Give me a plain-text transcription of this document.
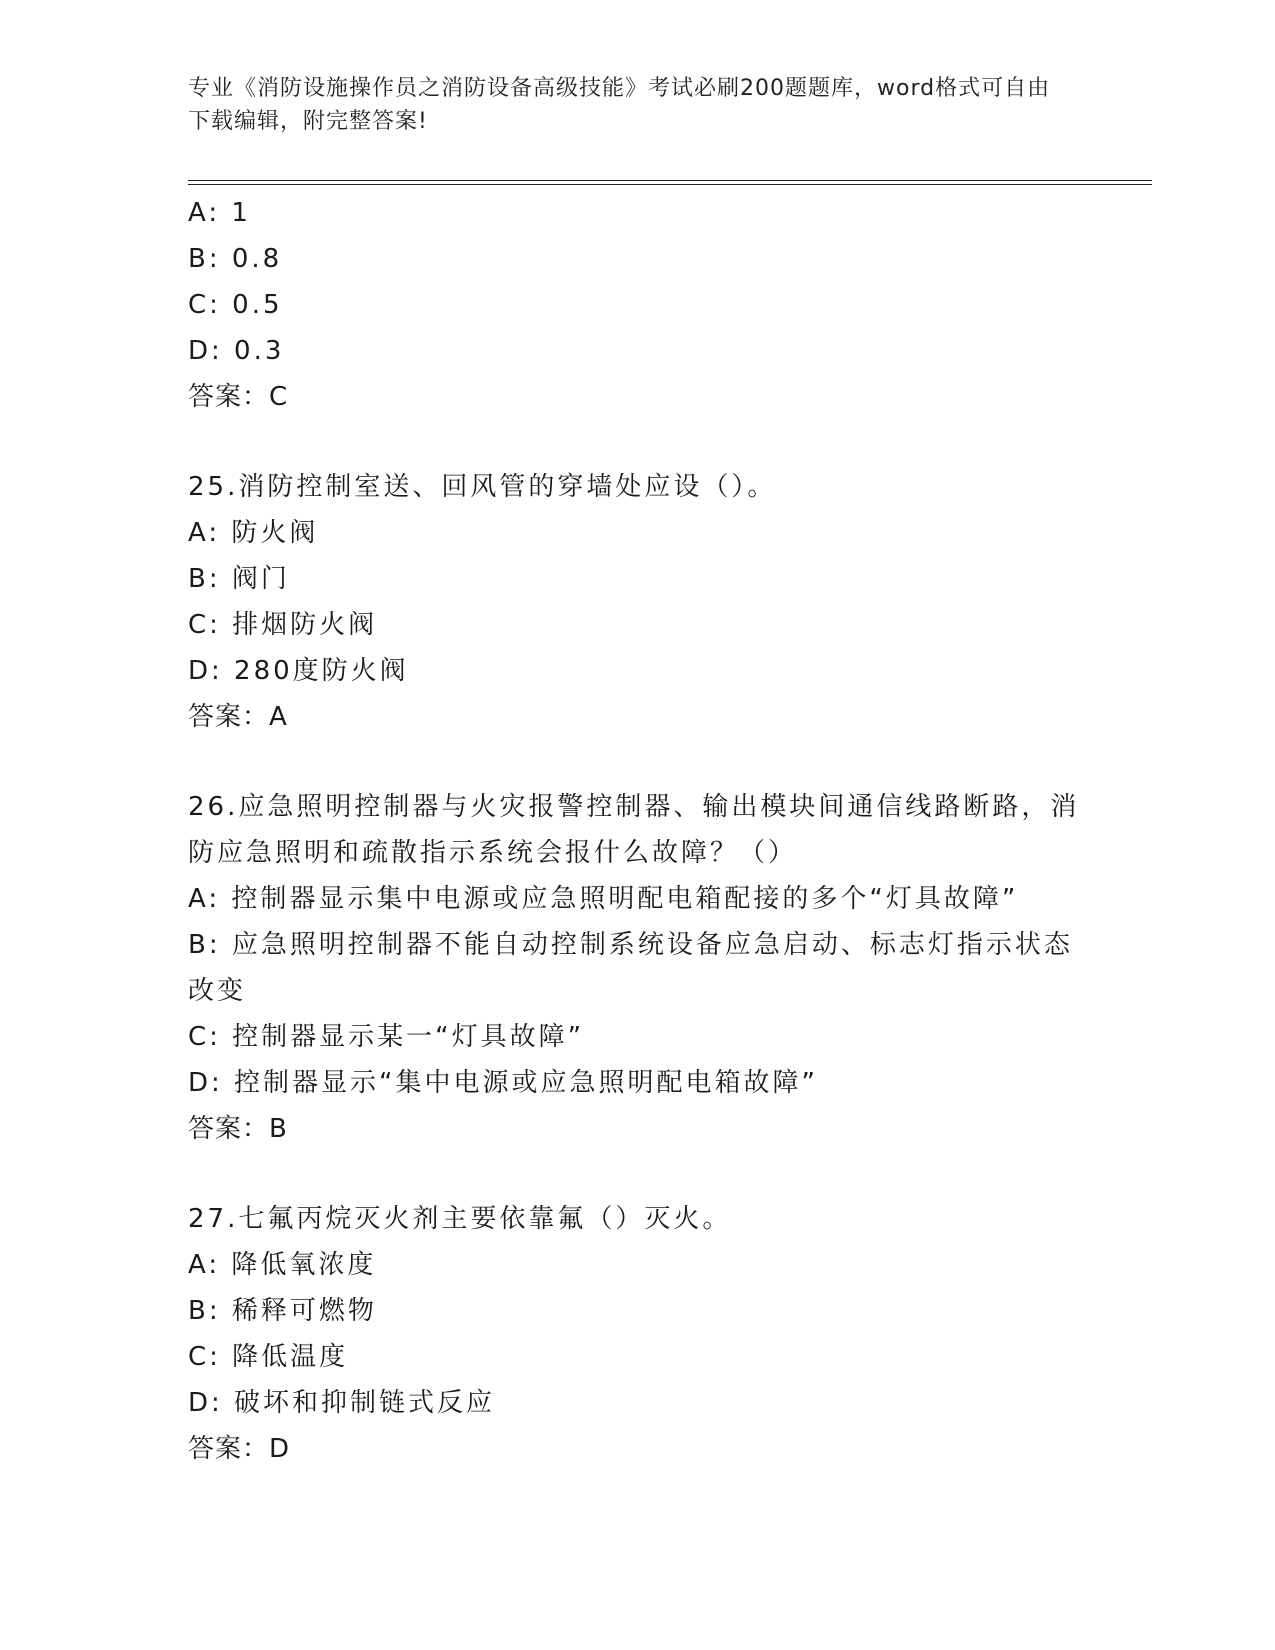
专业《消防设施操作员之消防设备高级技能》考试必刷200题题库，word格式可自由下载编辑，附完整答案!
A: 1
B: 0.8
C: 0.5
D: 0.3
答案：C
25.消防控制室送、回风管的穿墙处应设（）。
A: 防火阀
B: 阀门
C: 排烟防火阀
D: 280度防火阀
答案：A
26.应急照明控制器与火灾报警控制器、输出模块间通信线路断路，消防应急照明和疏散指示系统会报什么故障？（）
A: 控制器显示集中电源或应急照明配电箱配接的多个“灯具故障”
B: 应急照明控制器不能自动控制系统设备应急启动、标志灯指示状态改变
C: 控制器显示某一“灯具故障”
D: 控制器显示“集中电源或应急照明配电箱故障”
答案：B
27.七氟丙烷灭火剂主要依靠氟（）灭火。
A: 降低氧浓度
B: 稀释可燃物
C: 降低温度
D: 破坏和抑制链式反应
答案：D
